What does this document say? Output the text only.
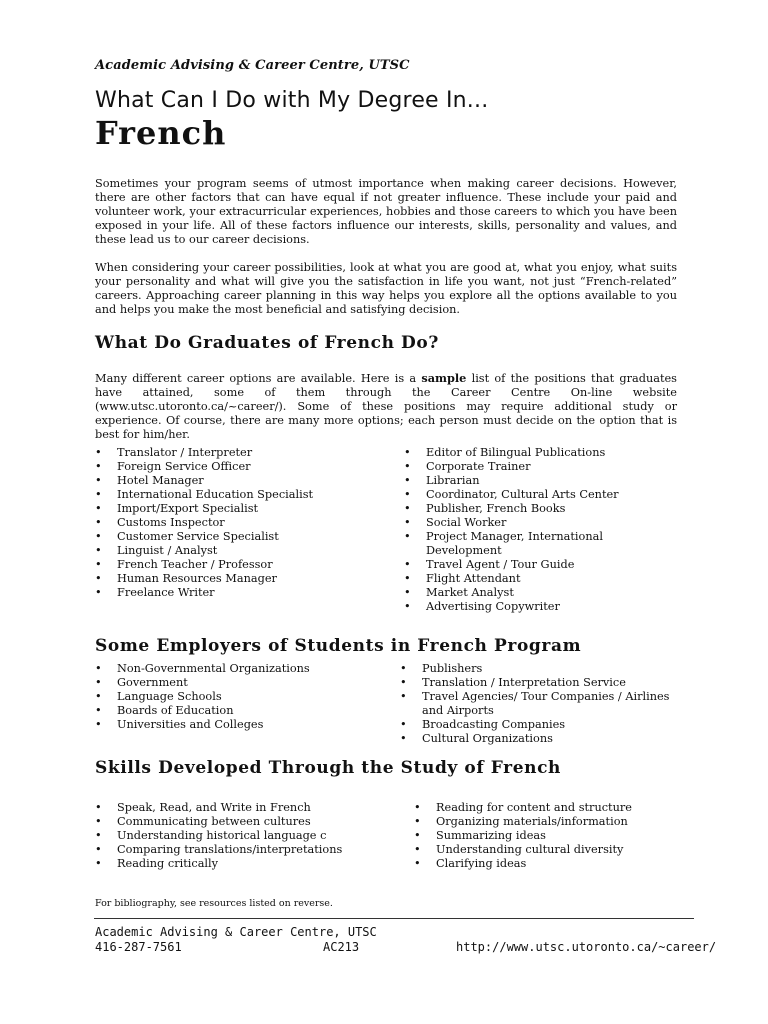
Academic Advising & Career Centre, UTSC
What Can I Do with My Degree In...
French
Sometimes your program seems of utmost importance when making career decisions. However, there are other factors that can have equal if not greater influence. These include your paid and volunteer work, your extracurricular experiences, hobbies and those careers to which you have been exposed in your life. All of these factors influence our interests, skills, personality and values, and these lead us to our career decisions.
When considering your career possibilities, look at what you are good at, what you enjoy, what suits your personality and what will give you the satisfaction in life you want, not just “French-related” careers. Approaching career planning in this way helps you explore all the options available to you and helps you make the most beneficial and satisfying decision.
What Do Graduates of French Do?
Many different career options are available. Here is a sample list of the positions that graduates have attained, some of them through the Career Centre On-line website (www.utsc.utoronto.ca/~career/). Some of these positions may require additional study or experience. Of course, there are many more options; each person must decide on the option that is best for him/her.
• Translator / Interpreter
• Foreign Service Officer
• Hotel Manager
• International Education Specialist
• Import/Export Specialist
• Customs Inspector
• Customer Service Specialist
• Linguist / Analyst
• French Teacher / Professor
• Human Resources Manager
• Freelance Writer
• Editor of Bilingual Publications
• Corporate Trainer
• Librarian
• Coordinator, Cultural Arts Center
• Publisher, French Books
• Social Worker
• Project Manager, International Development
• Travel Agent / Tour Guide
• Flight Attendant
• Market Analyst
• Advertising Copywriter
Some Employers of Students in French Program
• Non-Governmental Organizations
• Government
• Language Schools
• Boards of Education
• Universities and Colleges
• Publishers
• Translation / Interpretation Service
• Travel Agencies/ Tour Companies / Airlines and Airports
• Broadcasting Companies
• Cultural Organizations
Skills Developed Through the Study of French
• Speak, Read, and Write in French
• Communicating between cultures
• Understanding historical language c
• Comparing translations/interpretations
• Reading critically
• Reading for content and structure
• Organizing materials/information
• Summarizing ideas
• Understanding cultural diversity
• Clarifying ideas
For bibliography, see resources listed on reverse.
Academic Advising & Career Centre, UTSC
416-287-7561	AC213	http://www.utsc.utoronto.ca/~career/
